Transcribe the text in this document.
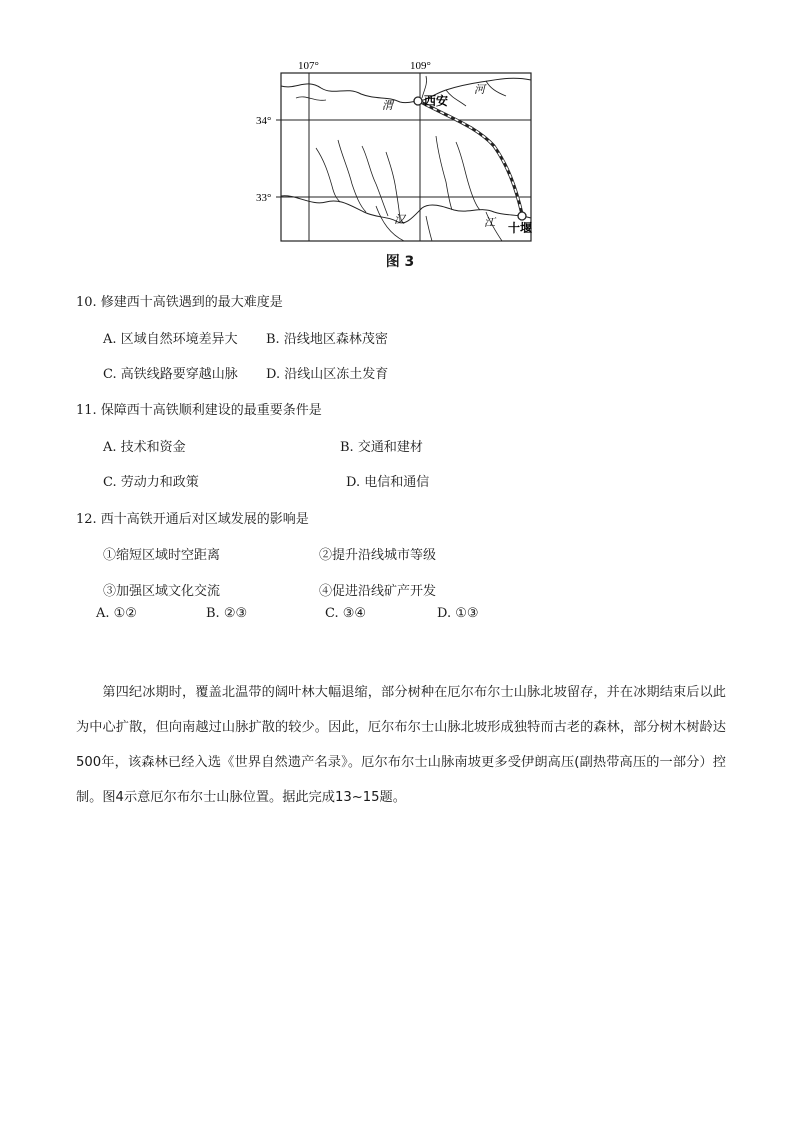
107°	109°
34°
33°
西安
十堰
渭
河
汉	江
图 3
10. 修建西十高铁遇到的最大难度是
A. 区域自然环境差异大 B. 沿线地区森林茂密
C. 高铁线路要穿越山脉 D. 沿线山区冻土发育
11. 保障西十高铁顺利建设的最重要条件是
A. 技术和资金	B. 交通和建材
C. 劳动力和政策	D. 电信和通信
12. 西十高铁开通后对区域发展的影响是
①缩短区域时空距离	②提升沿线城市等级
③加强区域文化交流	④促进沿线矿产开发
A. ①②	B. ②③	C. ③④	D. ①③
第四纪冰期时，覆盖北温带的阔叶林大幅退缩，部分树种在厄尔布尔士山脉北坡留存，并在冰期结束后以此为中心扩散，但向南越过山脉扩散的较少。因此，厄尔布尔士山脉北坡形成独特而古老的森林，部分树木树龄达500年，该森林已经入选《世界自然遗产名录》。厄尔布尔士山脉南坡更多受伊朗高压(副热带高压的一部分）控制。图4示意厄尔布尔士山脉位置。据此完成13~15题。
